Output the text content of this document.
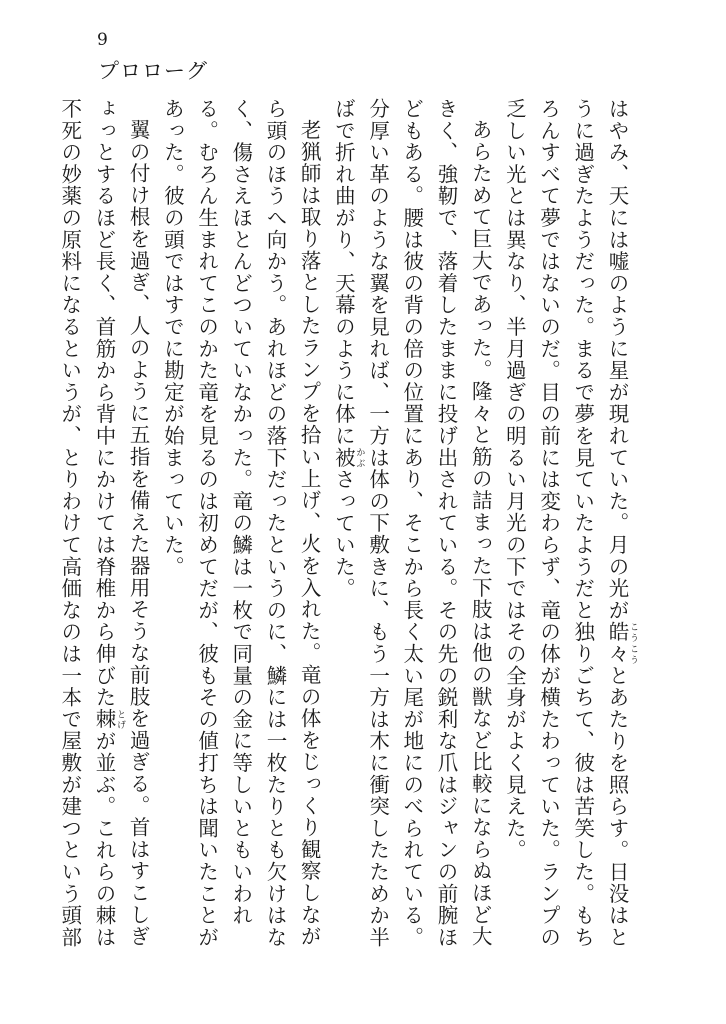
9
プロローグ
はやみ、天には嘘のように星が現れていた。月の光が皓々 こうこうとあたりを照らす。日没はとうに過ぎたようだった。まるで夢を見ていたようだと独りごちて、彼は苦笑した。もちろんすべて夢ではないのだ。目の前には変わらず、竜の体が横たわっていた。ランプの乏しい光とは異なり、半月過ぎの明るい月光の下ではその全身がよく見えた。
あらためて巨大であった。隆々と筋の詰まった下肢は他の獣など比較にならぬほど大きく、強靭で、落着したままに投げ出されている。その先の鋭利な爪はジャンの前腕ほどもある。腰は彼の背の倍の位置にあり、そこから長く太い尾が地にのべられている。分厚い革のような翼を見れば、一方は体の下敷きに、もう一方は木に衝突したためか半ばで折れ曲がり、天幕のように体に被 かぶさっていた。
老猟師は取り落としたランプを拾い上げ、火を入れた。竜の体をじっくり観察しながら頭のほうへ向かう。あれほどの落下だったというのに、鱗には一枚たりとも欠けはなく、傷さえほとんどついていなかった。竜の鱗は一枚で同量の金に等しいともいわれる。むろん生まれてこのかた竜を見るのは初めてだが、彼もその値打ちは聞いたことがあった。彼の頭ではすでに勘定が始まっていた。
翼の付け根を過ぎ、人のように五指を備えた器用そうな前肢を過ぎる。首はすこしぎょっとするほど長く、首筋から背中にかけては脊椎から伸びた棘 とげが並ぶ。これらの棘は不死の妙薬の原料になるというが、とりわけて高価なのは一本で屋敷が建つという頭部
